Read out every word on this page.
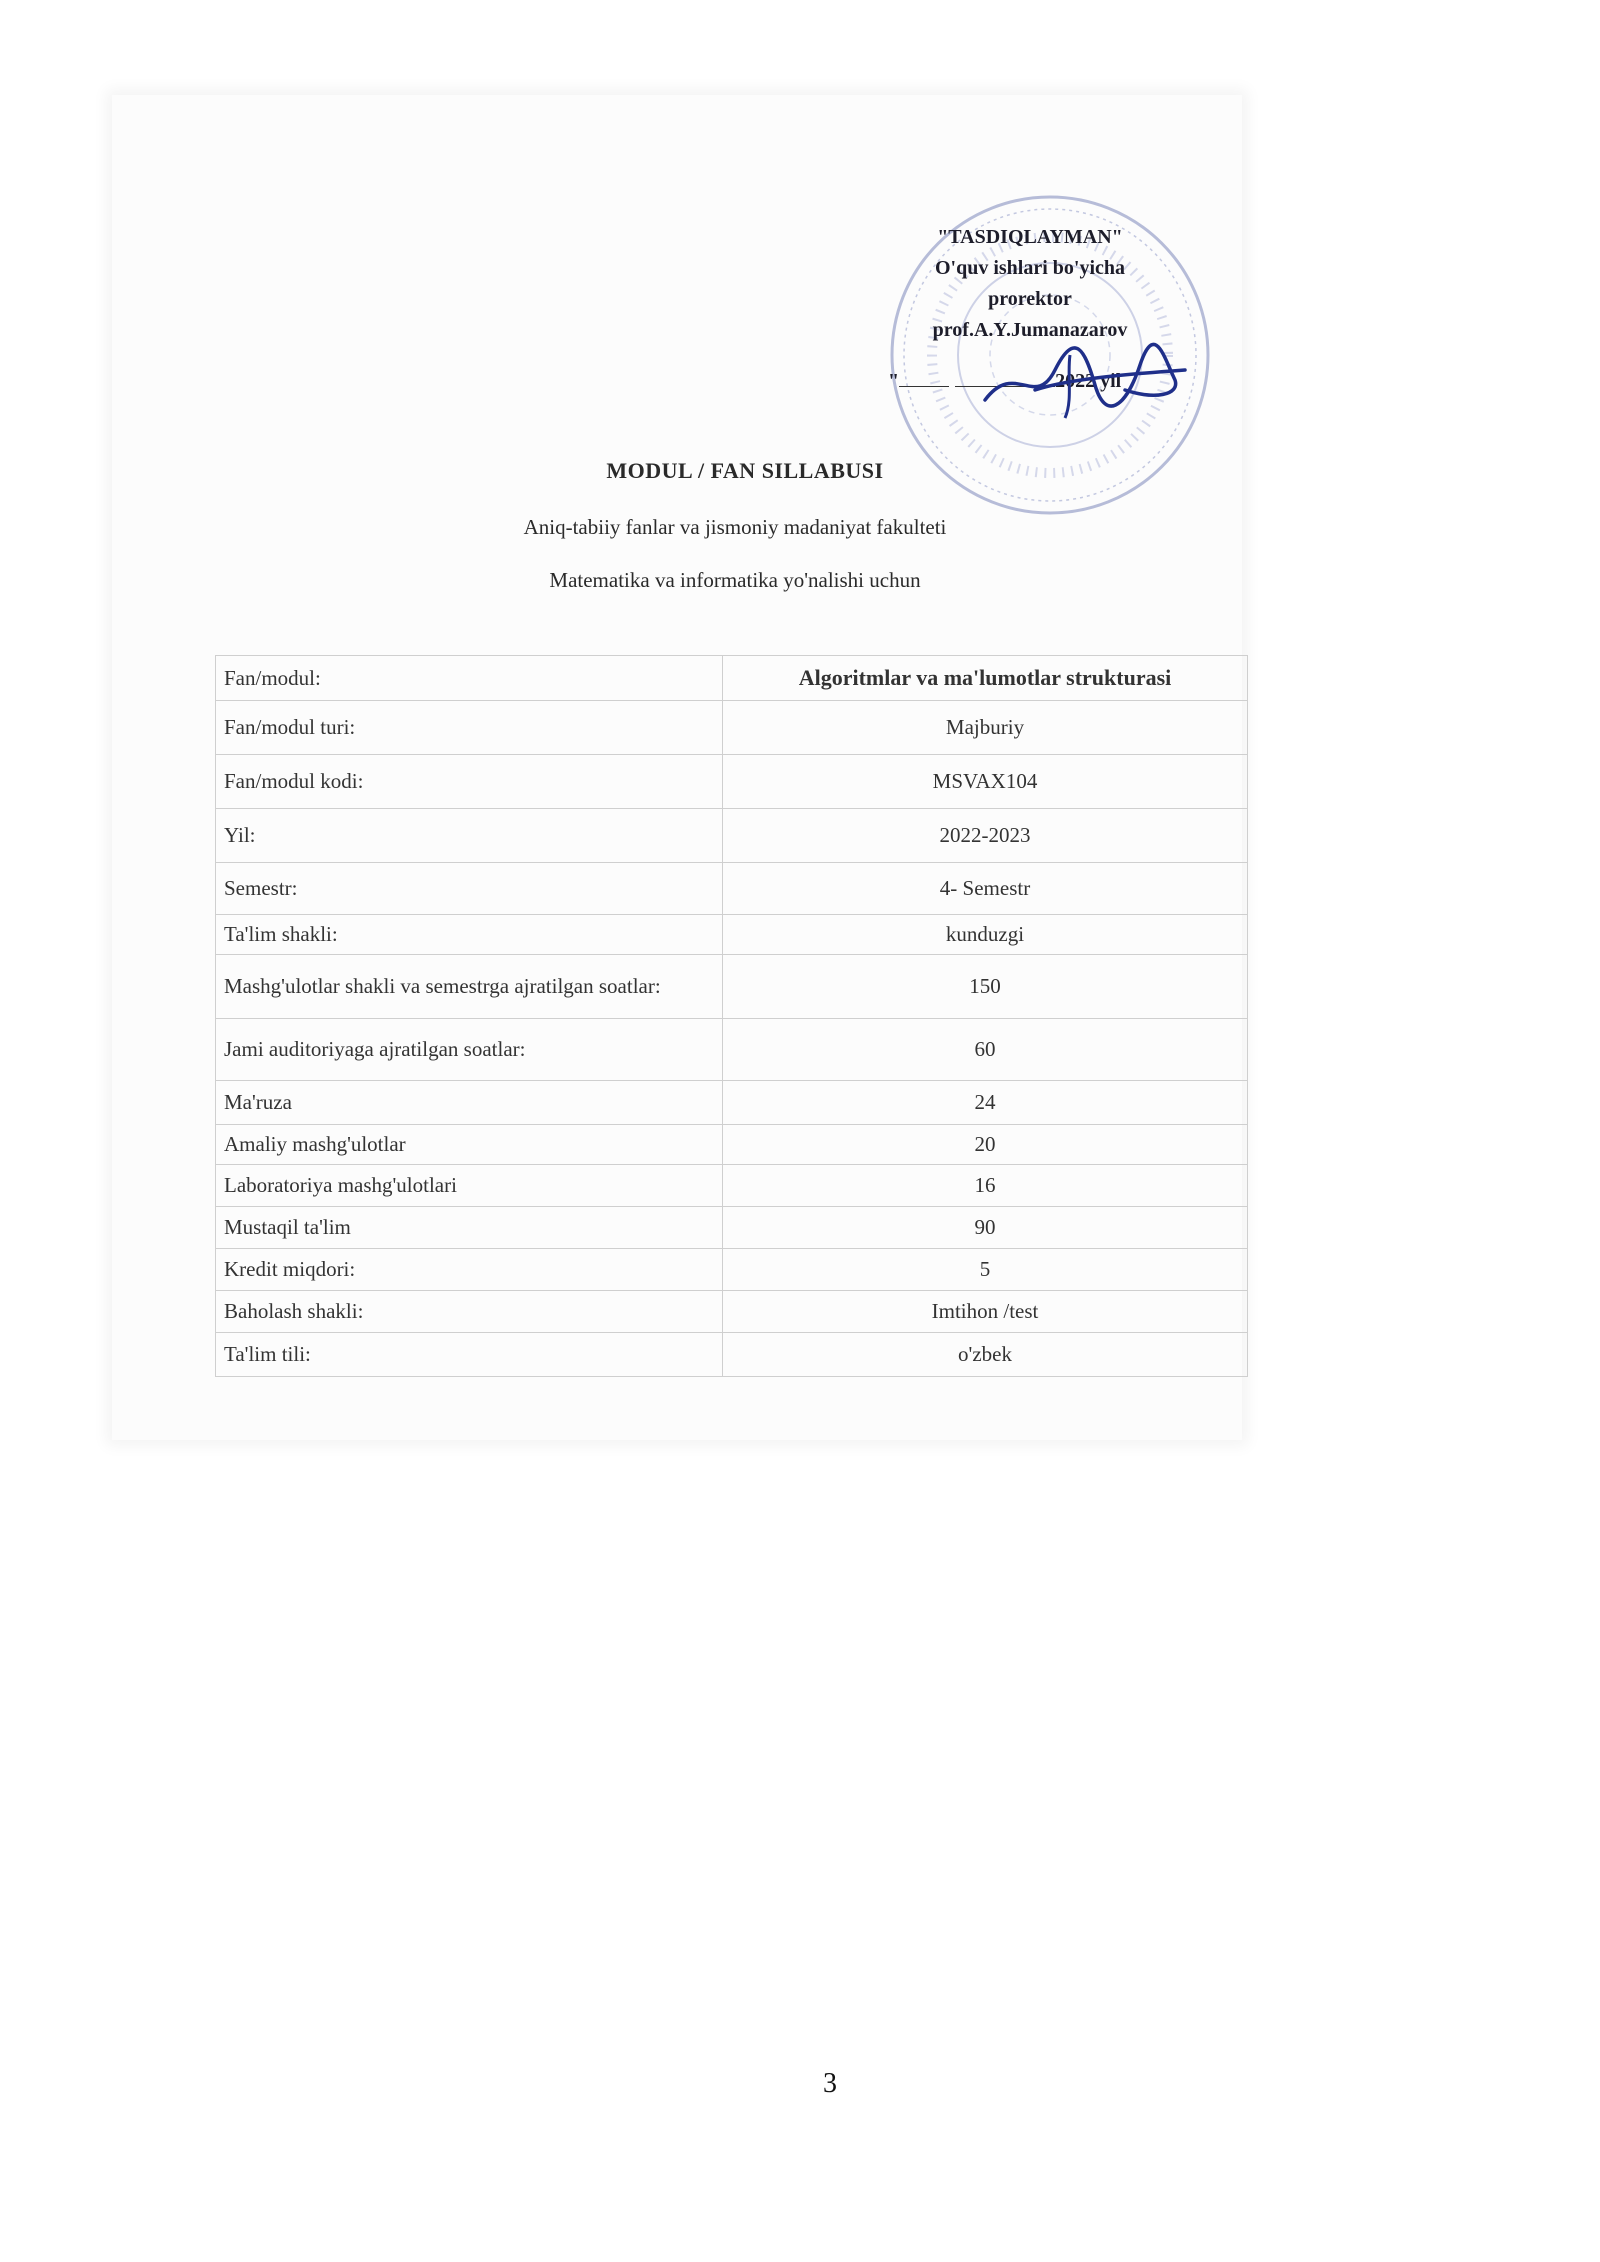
"TASDIQLAYMAN"
O'quv ishlari bo'yicha
prorektor
prof.A.Y.Jumanazarov
"	2022 yil
MODUL / FAN SILLABUSI
Aniq-tabiiy fanlar va jismoniy madaniyat fakulteti
Matematika va informatika yo'nalishi uchun
Fan/modul:	Algoritmlar va ma'lumotlar strukturasi
Fan/modul turi:	Majburiy
Fan/modul kodi:	MSVAX104
Yil:	2022-2023
Semestr:	4- Semestr
Ta'lim shakli:	kunduzgi
Mashg'ulotlar shakli va semestrga ajratilgan soatlar:	150
Jami auditoriyaga ajratilgan soatlar:	60
Ma'ruza	24
Amaliy mashg'ulotlar	20
Laboratoriya mashg'ulotlari	16
Mustaqil ta'lim	90
Kredit miqdori:	5
Baholash shakli:	Imtihon /test
Ta'lim tili:	o'zbek
3
